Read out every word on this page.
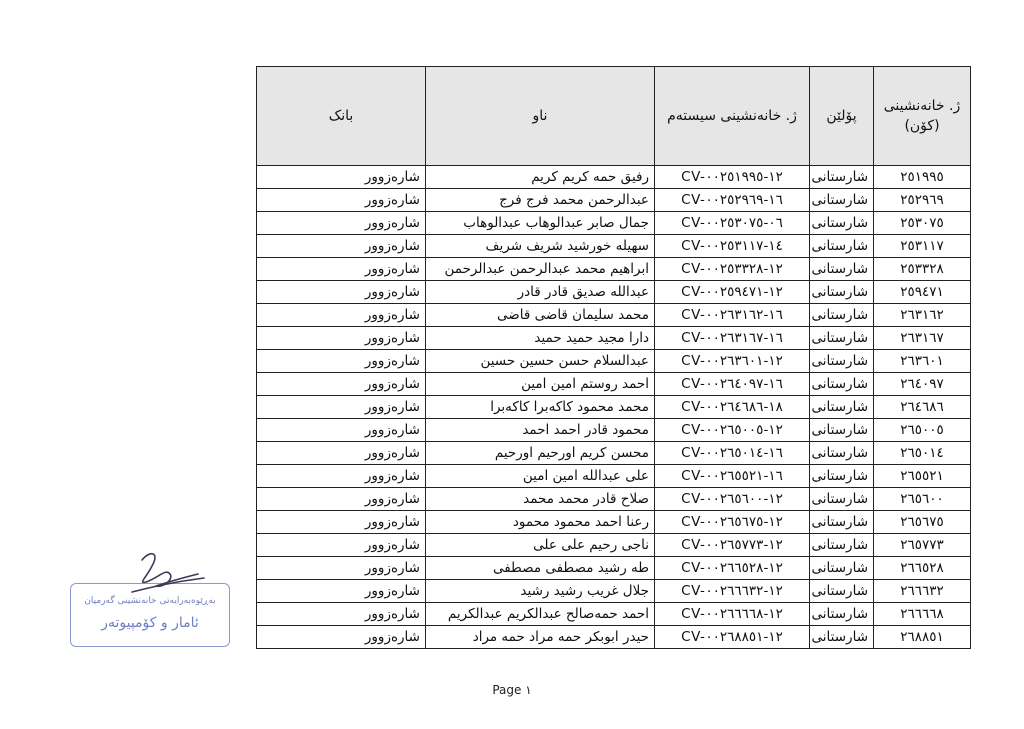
ژ. خانەنشینی (کۆن)	پۆلێن	ژ. خانەنشینی سیستەم	ناو	بانک
٢٥١٩٩٥	شارستانی	CV-١٢-٠٠٢٥١٩٩٥	رفیق حمه کریم کریم	شارەزوور
٢٥٢٩٦٩	شارستانی	CV-١٦-٠٠٢٥٢٩٦٩	عبدالرحمن محمد فرج فرج	شارەزوور
٢٥٣٠٧٥	شارستانی	CV-٠٦-٠٠٢٥٣٠٧٥	جمال صابر عبدالوهاب عبدالوهاب	شارەزوور
٢٥٣١١٧	شارستانی	CV-١٤-٠٠٢٥٣١١٧	سهیله خورشید شریف شریف	شارەزوور
٢٥٣٣٢٨	شارستانی	CV-١٢-٠٠٢٥٣٣٢٨	ابراهیم محمد عبدالرحمن عبدالرحمن	شارەزوور
٢٥٩٤٧١	شارستانی	CV-١٢-٠٠٢٥٩٤٧١	عبدالله صدیق قادر قادر	شارەزوور
٢٦٣١٦٢	شارستانی	CV-١٦-٠٠٢٦٣١٦٢	محمد سلیمان قاضی قاضی	شارەزوور
٢٦٣١٦٧	شارستانی	CV-١٦-٠٠٢٦٣١٦٧	دارا مجید حمید حمید	شارەزوور
٢٦٣٦٠١	شارستانی	CV-١٢-٠٠٢٦٣٦٠١	عبدالسلام حسن حسین حسین	شارەزوور
٢٦٤٠٩٧	شارستانی	CV-١٦-٠٠٢٦٤٠٩٧	احمد روستم امین امین	شارەزوور
٢٦٤٦٨٦	شارستانی	CV-١٨-٠٠٢٦٤٦٨٦	محمد محمود کاکەبرا کاکەبرا	شارەزوور
٢٦٥٠٠٥	شارستانی	CV-١٢-٠٠٢٦٥٠٠٥	محمود قادر احمد احمد	شارەزوور
٢٦٥٠١٤	شارستانی	CV-١٦-٠٠٢٦٥٠١٤	محسن کریم اورحیم اورحیم	شارەزوور
٢٦٥٥٢١	شارستانی	CV-١٦-٠٠٢٦٥٥٢١	علی عبدالله امین امین	شارەزوور
٢٦٥٦٠٠	شارستانی	CV-١٢-٠٠٢٦٥٦٠٠	صلاح قادر محمد محمد	شارەزوور
٢٦٥٦٧٥	شارستانی	CV-١٢-٠٠٢٦٥٦٧٥	رعنا احمد محمود محمود	شارەزوور
٢٦٥٧٧٣	شارستانی	CV-١٢-٠٠٢٦٥٧٧٣	ناجی رحیم علی علی	شارەزوور
٢٦٦٥٢٨	شارستانی	CV-١٢-٠٠٢٦٦٥٢٨	طه رشید مصطفی مصطفی	شارەزوور
٢٦٦٦٣٢	شارستانی	CV-١٢-٠٠٢٦٦٦٣٢	جلال غریب رشید رشید	شارەزوور
٢٦٦٦٦٨	شارستانی	CV-١٢-٠٠٢٦٦٦٦٨	احمد حمەصالح عبدالکریم عبدالکریم	شارەزوور
٢٦٨٨٥١	شارستانی	CV-١٢-٠٠٢٦٨٨٥١	حیدر ابوبکر حمه مراد حمه مراد	شارەزوور
بەڕێوەبەرایەتی خانەنشینی گەرمیان
ئامار و کۆمپیوتەر
Page ١
